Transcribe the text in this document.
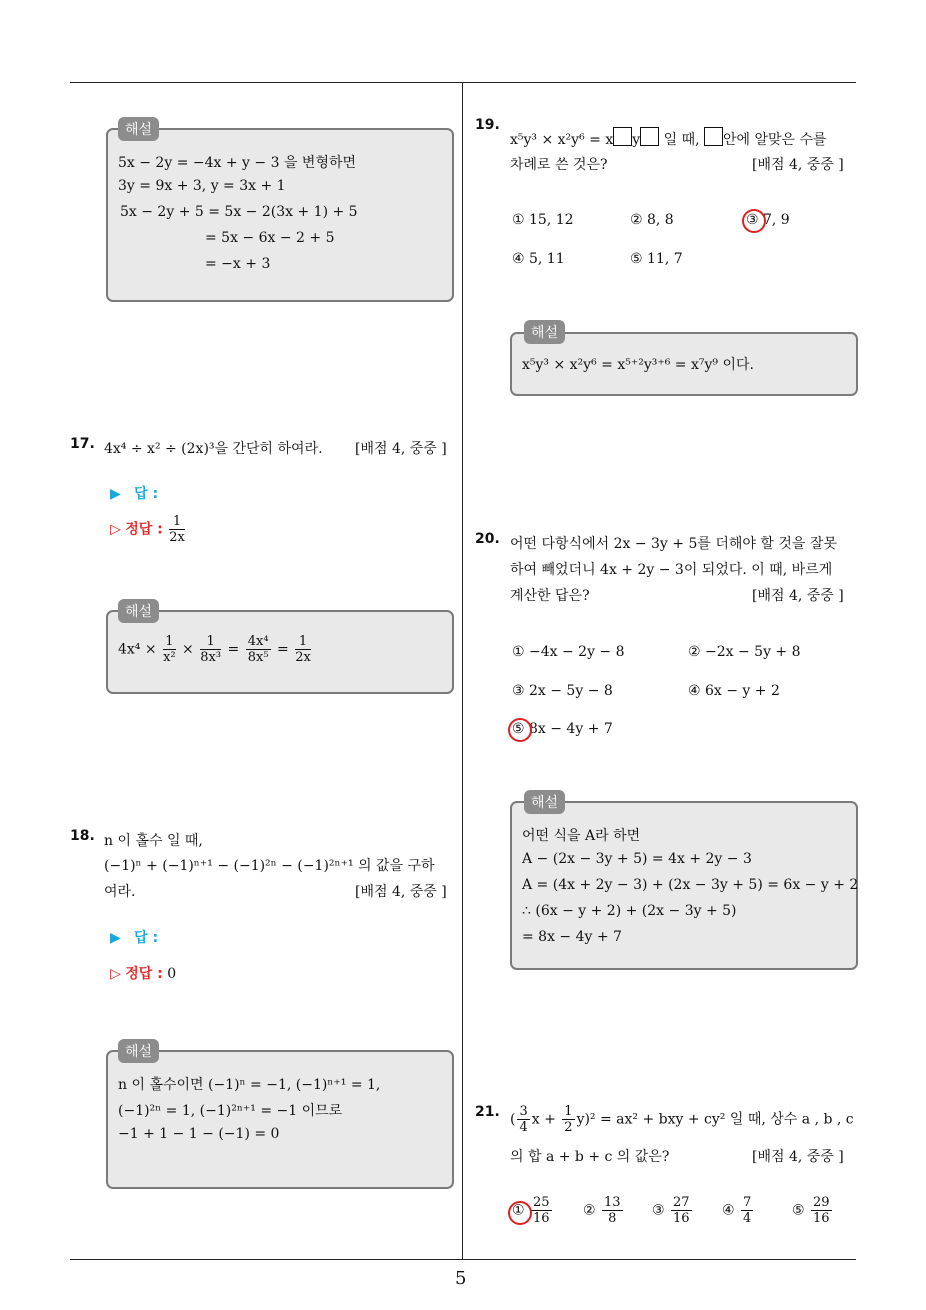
5
해설
5x − 2y = −4x + y − 3 을 변형하면
3y = 9x + 3, y = 3x + 1
5x − 2y + 5 = 5x − 2(3x + 1) + 5
= 5x − 6x − 2 + 5
= −x + 3
17. 4x⁴ ÷ x² ÷ (2x)³을 간단히 하여라. [배점 4, 중중 ]
▶ 답 :
▷ 정답 : $\frac{1}{2x}$
해설
$4x^4 \times \frac{1}{\text{x²}} \times \frac{1}{\text{8x³}} = \frac{\text{4x⁴}}{\text{8x⁵}} = \frac{1}{2x}$
18. n 이 홀수 일 때,
(−1)ⁿ + (−1)ⁿ⁺¹ − (−1)²ⁿ − (−1)²ⁿ⁺¹ 의 값을 구하
여라.	[배점 4, 중중 ]
▶ 답 :
▷ 정답 : 0
해설
n 이 홀수이면 (−1)ⁿ = −1, (−1)ⁿ⁺¹ = 1,
(−1)²ⁿ = 1, (−1)²ⁿ⁺¹ = −1 이므로
−1 + 1 − 1 − (−1) = 0
19.
x⁵y³ × x²y⁶ = x y 일 때, 안에 알맞은 수를
차례로 쓴 것은?	[배점 4, 중중 ]
① 15, 12	② 8, 8	③ 7, 9
④ 5, 11	⑤ 11, 7
해설
x⁵y³ × x²y⁶ = x⁵⁺²y³⁺⁶ = x⁷y⁹ 이다.
20. 어떤 다항식에서 2x − 3y + 5를 더해야 할 것을 잘못
하여 빼었더니 4x + 2y − 3이 되었다. 이 때, 바르게
계산한 답은?	[배점 4, 중중 ]
① −4x − 2y − 8	② −2x − 5y + 8
③ 2x − 5y − 8	④ 6x − y + 2
⑤ 8x − 4y + 7
해설
어떤 식을 A라 하면
A − (2x − 3y + 5) = 4x + 2y − 3
A = (4x + 2y − 3) + (2x − 3y + 5) = 6x − y + 2
∴ (6x − y + 2) + (2x − 3y + 5)
= 8x − 4y + 7
21. ( $\frac{3}{4}$ $x + \frac{1}{2} y)^2 = ax^2$ + bxy + cy² 일 때, 상수 a , b , c
의 합 a + b + c 의 값은?	[배점 4, 중중 ]
① $\frac{25}{16}$ ② $\frac{13}{8}$ ③ $\frac{27}{16}$ ④ $\frac{7}{4}$	⑤ $\frac{29}{16}$
